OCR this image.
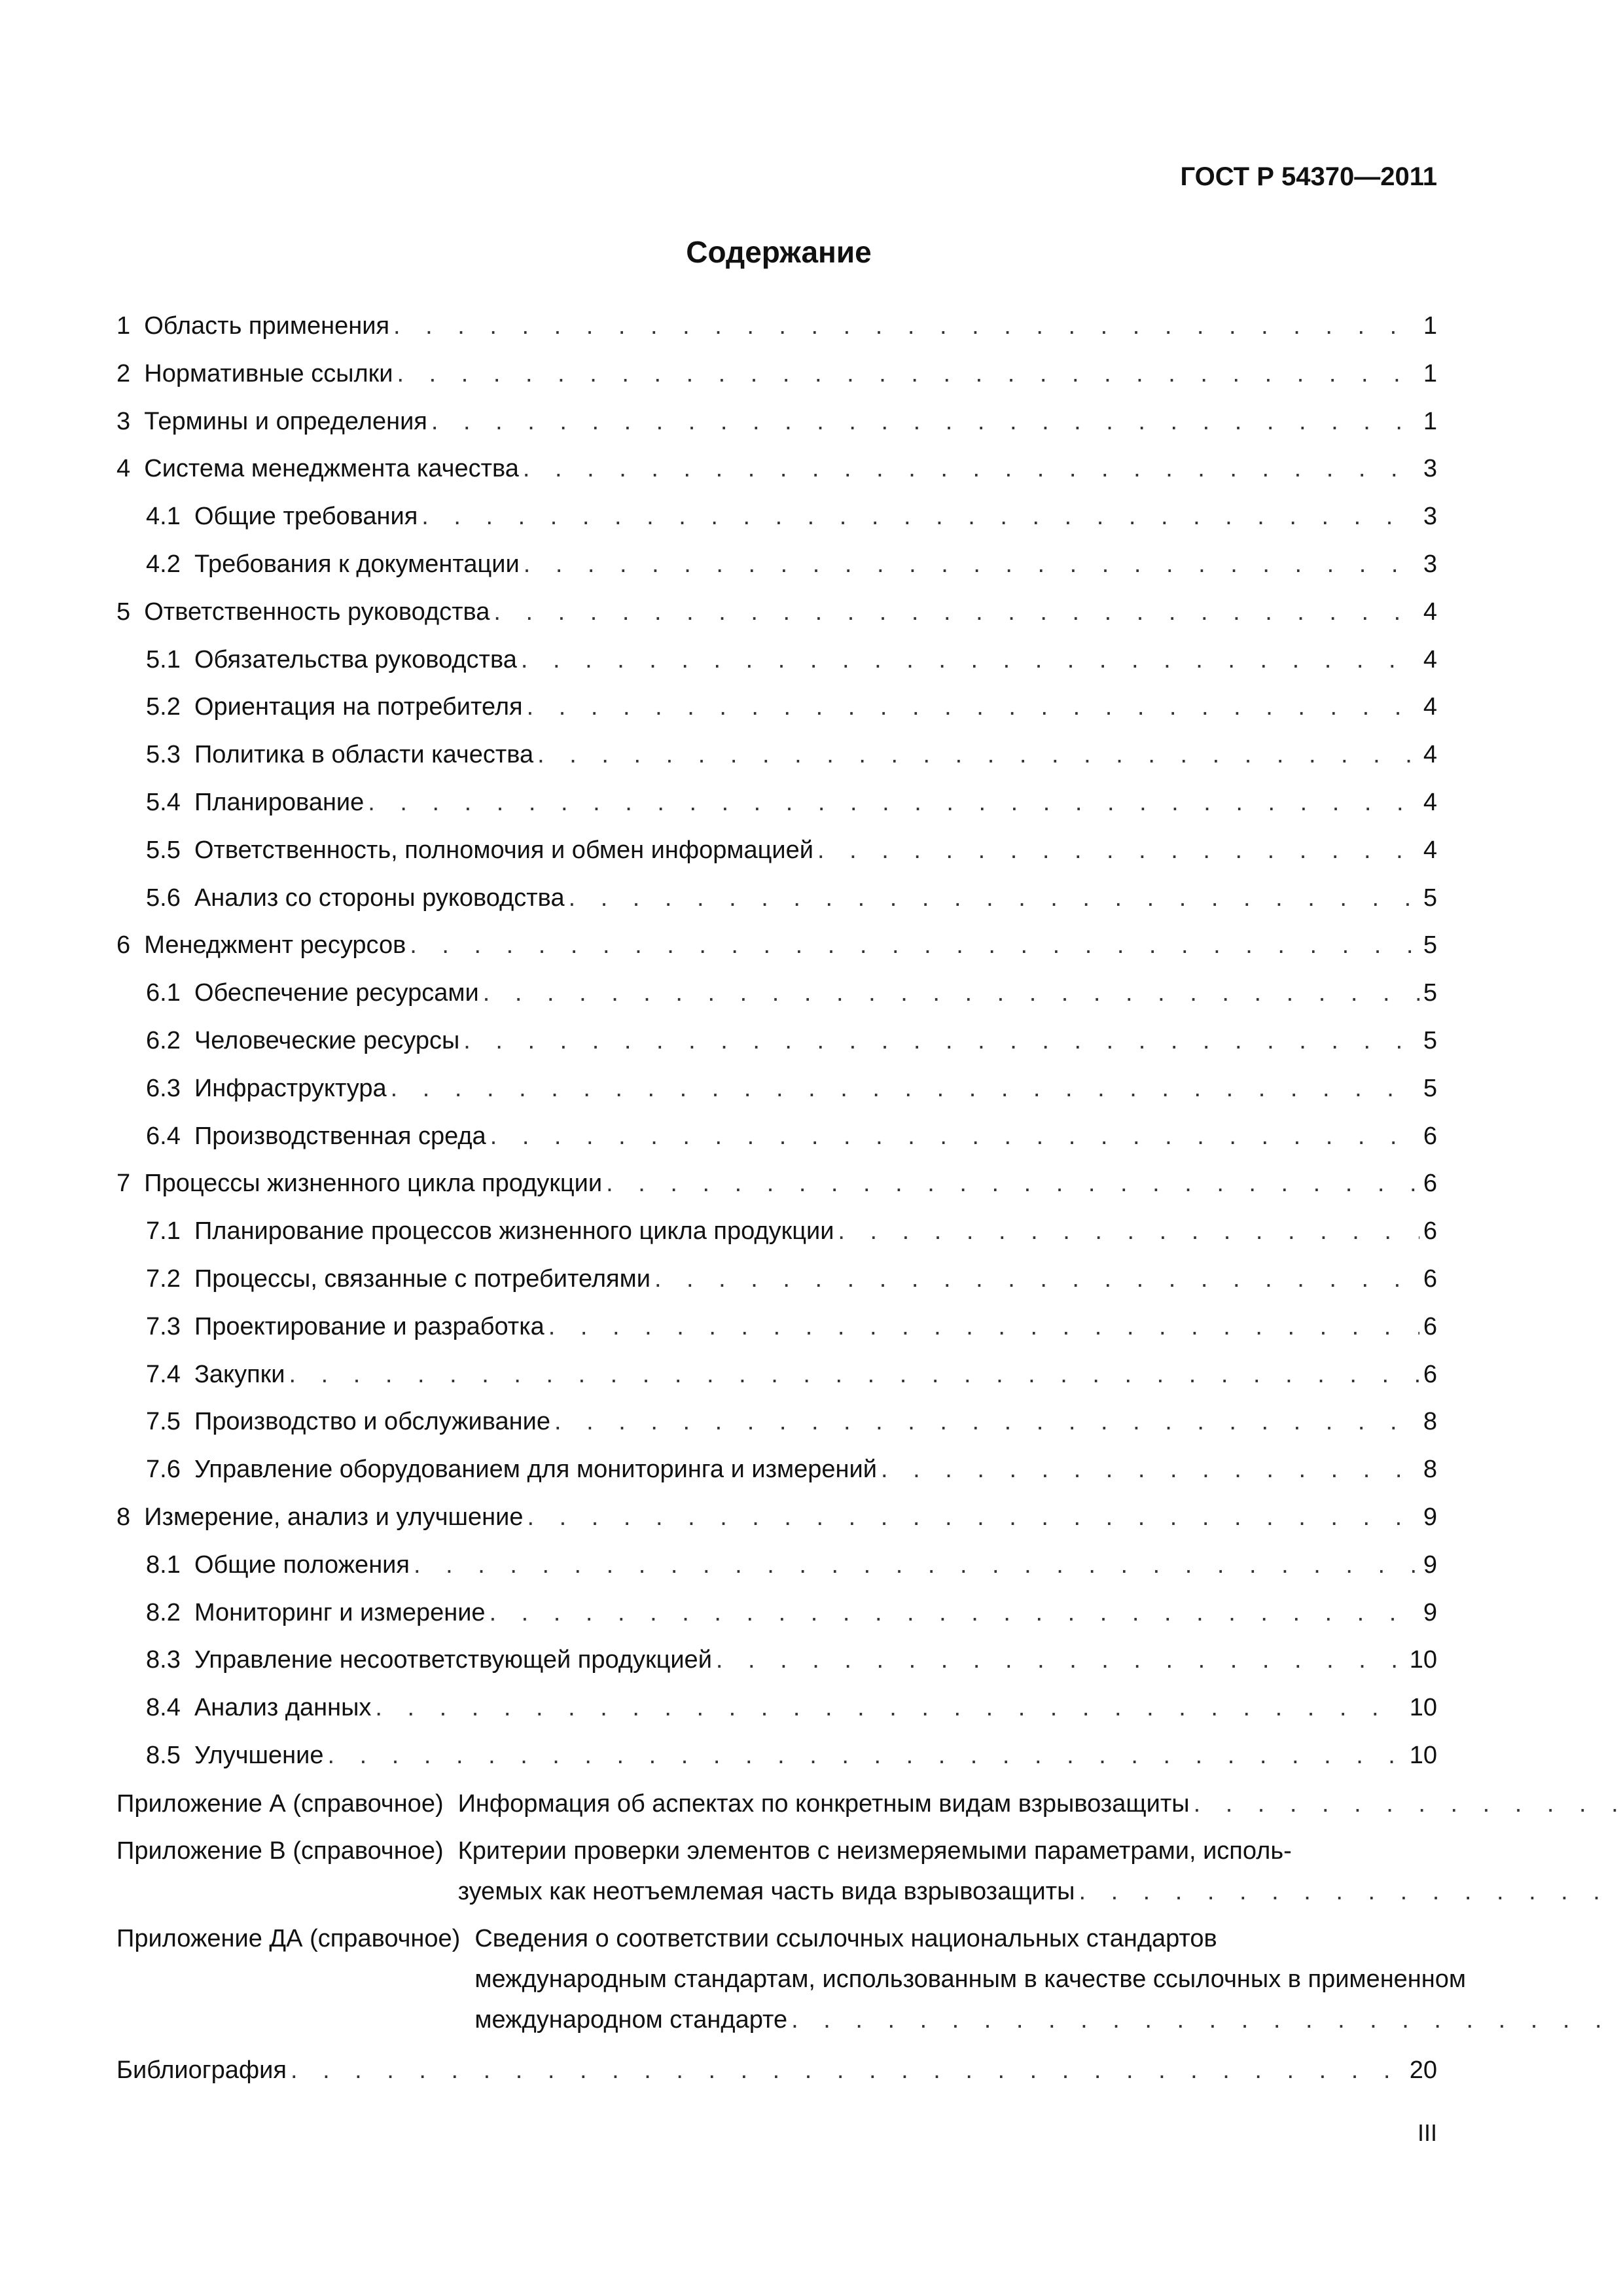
ГОСТ Р 54370—2011
Содержание
1 Область применения . . .	1
2 Нормативные ссылки . . .	1
3 Термины и определения . . .	1
4 Система менеджмента качества . . .	3
4.1 Общие требования . . .	3
4.2 Требования к документации . . .	3
5 Ответственность руководства . . .	4
5.1 Обязательства руководства . . .	4
5.2 Ориентация на потребителя . . .	4
5.3 Политика в области качества . . .	4
5.4 Планирование . . .	4
5.5 Ответственность, полномочия и обмен информацией . . .	4
5.6 Анализ со стороны руководства . . .	5
6 Менеджмент ресурсов . . .	5
6.1 Обеспечение ресурсами . . .	5
6.2 Человеческие ресурсы . . .	5
6.3 Инфраструктура . . .	5
6.4 Производственная среда . . .	6
7 Процессы жизненного цикла продукции . . .	6
7.1 Планирование процессов жизненного цикла продукции . . .	6
7.2 Процессы, связанные с потребителями . . .	6
7.3 Проектирование и разработка . . .	6
7.4 Закупки . . .	6
7.5 Производство и обслуживание . . .	8
7.6 Управление оборудованием для мониторинга и измерений . . .	8
8 Измерение, анализ и улучшение . . .	9
8.1 Общие положения . . .	9
8.2 Мониторинг и измерение . . .	9
8.3 Управление несоответствующей продукцией . . .	10
8.4 Анализ данных . . .	10
8.5 Улучшение . . .	10
Приложение А (справочное) Информация об аспектах по конкретным видам взрывозащиты
. . .
Приложение В (справочное) Критерии проверки элементов с неизмеряемыми параметрами, исполь-
зуемых как неотъемлемая часть вида взрывозащиты
. . .
Приложение ДА (справочное) Сведения о соответствии ссылочных национальных стандартов
международным стандартам, использованным в качестве ссылочных в примененном
международном стандарте
. . .
Библиография . . .	20
III
